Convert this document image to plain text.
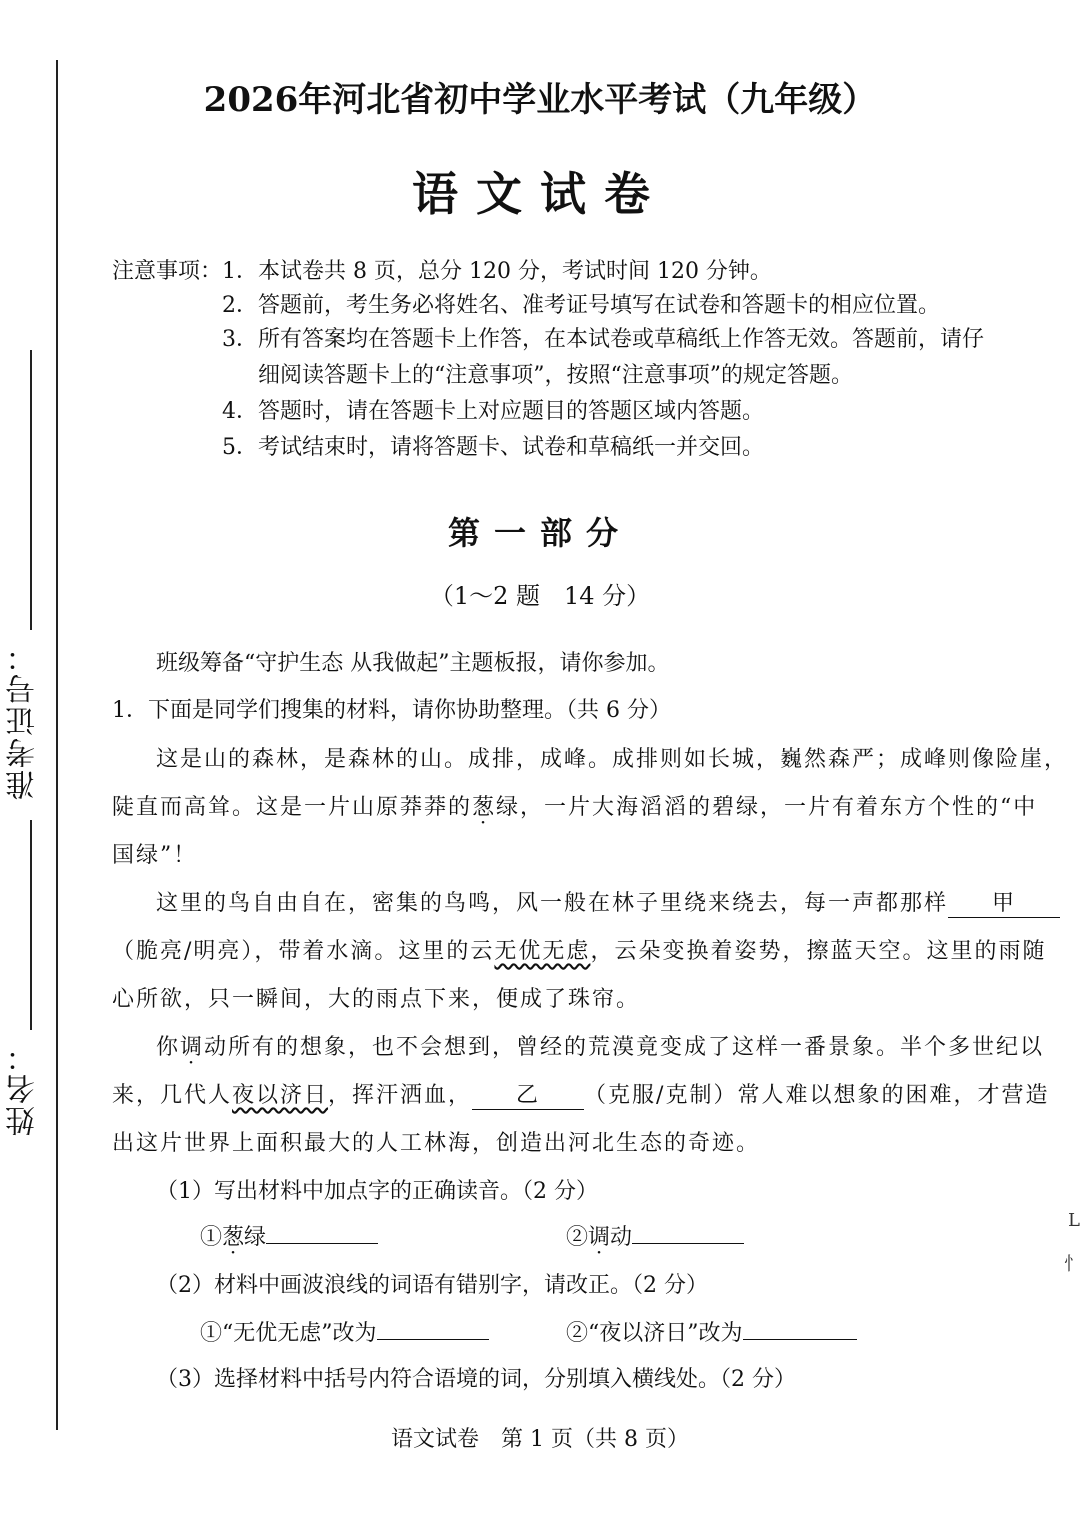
准考证号：
姓名：
2026年河北省初中学业水平考试（九年级）
语文试卷
注意事项： 1．本试卷共 8 页，总分 120 分，考试时间 120 分钟。
2．答题前，考生务必将姓名、准考证号填写在试卷和答题卡的相应位置。
3．所有答案均在答题卡上作答，在本试卷或草稿纸上作答无效。答题前，请仔
细阅读答题卡上的“注意事项”，按照“注意事项”的规定答题。
4．答题时，请在答题卡上对应题目的答题区域内答题。
5．考试结束时，请将答题卡、试卷和草稿纸一并交回。
第一部分
（1～2 题　14 分）
班级筹备“守护生态 从我做起”主题板报，请你参加。
1．下面是同学们搜集的材料，请你协助整理。（共 6 分）
这是山的森林，是森林的山。成排，成峰。成排则如长城，巍然森严；成峰则像险崖，
陡直而高耸。这是一片山原莽莽的葱绿，一片大海滔滔的碧绿，一片有着东方个性的“中
国绿”！
这里的鸟自由自在，密集的鸟鸣，风一般在林子里绕来绕去，每一声都那样 甲
（脆亮/明亮），带着水滴。这里的云无优无虑，云朵变换着姿势，擦蓝天空。这里的雨随
心所欲，只一瞬间，大的雨点下来，便成了珠帘。
你调动所有的想象，也不会想到，曾经的荒漠竟变成了这样一番景象。半个多世纪以
来，几代人夜以济日，挥汗洒血， 乙 （克服/克制）常人难以想象的困难，才营造
出这片世界上面积最大的人工林海，创造出河北生态的奇迹。
（1）写出材料中加点字的正确读音。（2 分）
①葱绿	②调动
（2）材料中画波浪线的词语有错别字，请改正。（2 分）
①“无优无虑”改为	②“夜以济日”改为
（3）选择材料中括号内符合语境的词，分别填入横线处。（2 分）
语文试卷　第 1 页（共 8 页）
L
忄
